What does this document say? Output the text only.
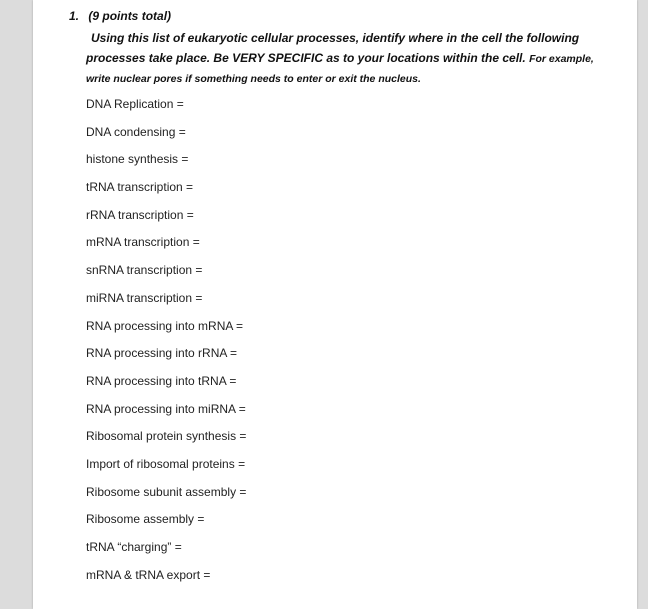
1. (9 points total)
Using this list of eukaryotic cellular processes, identify where in the cell the following
processes take place. Be VERY SPECIFIC as to your locations within the cell. For example,
write nuclear pores if something needs to enter or exit the nucleus.
DNA Replication =
DNA condensing =
histone synthesis =
tRNA transcription =
rRNA transcription =
mRNA transcription =
snRNA transcription =
miRNA transcription =
RNA processing into mRNA =
RNA processing into rRNA =
RNA processing into tRNA =
RNA processing into miRNA =
Ribosomal protein synthesis =
Import of ribosomal proteins =
Ribosome subunit assembly =
Ribosome assembly =
tRNA “charging” =
mRNA & tRNA export =
